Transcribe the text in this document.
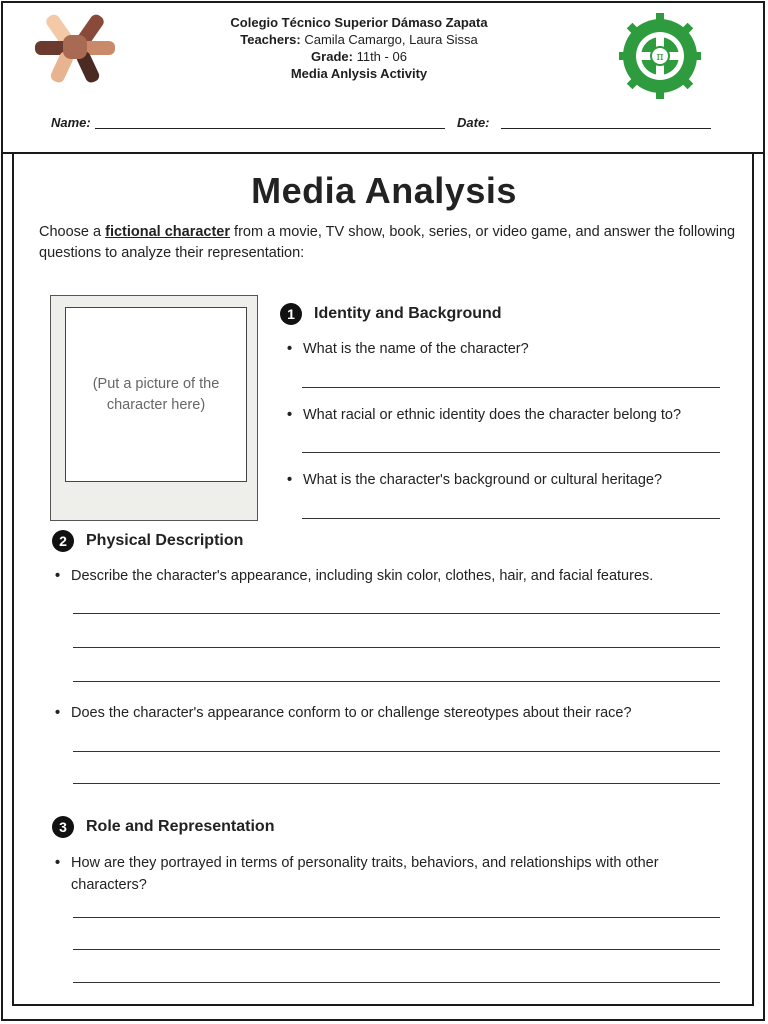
Colegio Técnico Superior Dámaso Zapata
Teachers: Camila Camargo, Laura Sissa
Grade: 11th - 06
Media Anlysis Activity
π
Name:	Date:
Media Analysis
Choose a fictional character from a movie, TV show, book, series, or video game, and answer the following questions to analyze their representation:
(Put a picture of the character here)
1	Identity and Background
• What is the name of the character?
• What racial or ethnic identity does the character belong to?
• What is the character's background or cultural heritage?
2	Physical Description
• Describe the character's appearance, including skin color, clothes, hair, and facial features.
• Does the character's appearance conform to or challenge stereotypes about their race?
3	Role and Representation
• How are they portrayed in terms of personality traits, behaviors, and relationships with other characters?
